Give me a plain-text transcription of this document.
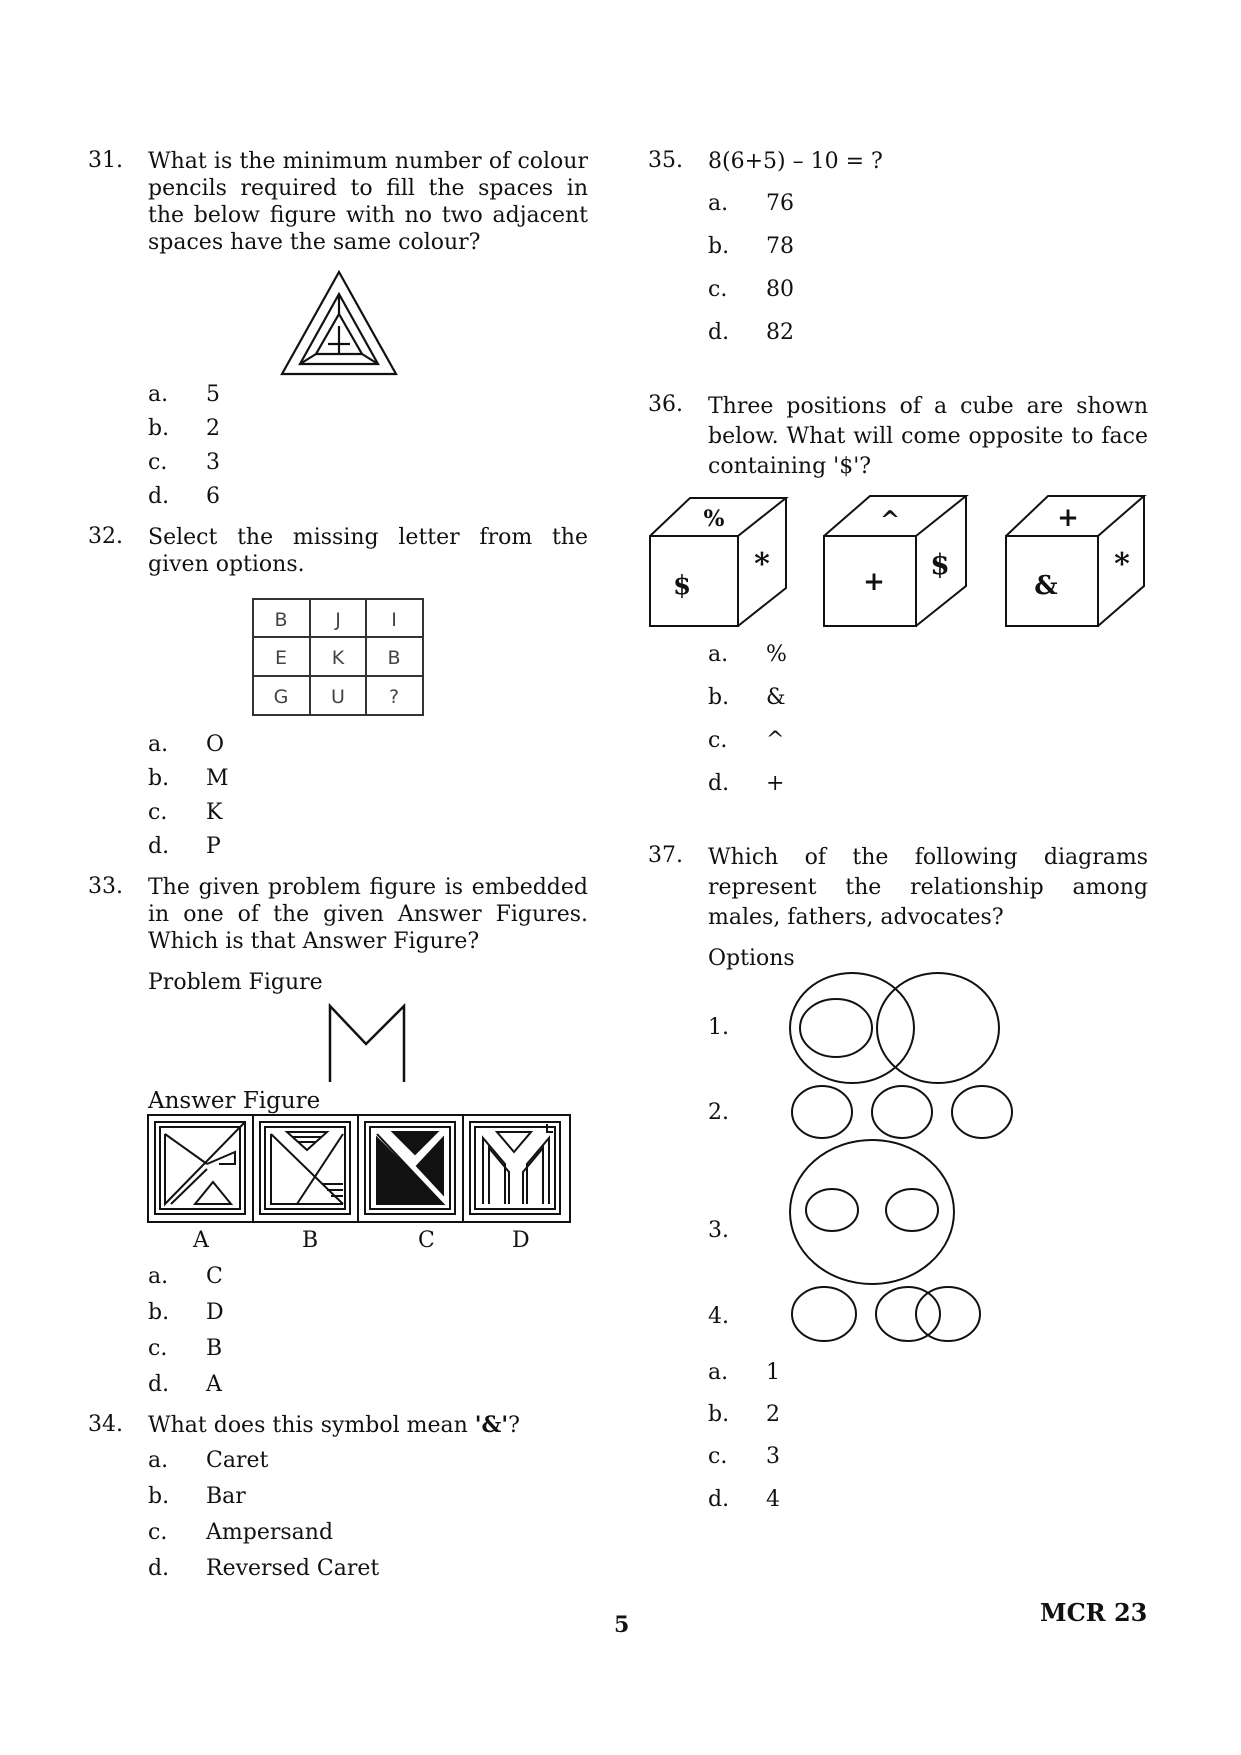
31. What is the minimum number of colour pencils required to fill the spaces in the below figure with no two adjacent spaces have the same colour?
a. 5
b. 2
c. 3
d. 6
32. Select the missing letter from the given options.
B	J	I
E K B
G U ?
a. O
b. M
c. K
d. P
33. The given problem figure is embedded in one of the given Answer Figures. Which is that Answer Figure?
Problem Figure
Answer Figure
A	B	C	D
a. C
b. D
c. B
d. A
34. What does this symbol mean '&'?
a. Caret
b. Bar
c. Ampersand
d. Reversed Caret
35. 8(6+5) – 10 = ?
a. 76
b. 78
c. 80
d. 82
36. Three positions of a cube are shown below. What will come opposite to face containing '$'?
%
$
*
^
+
$
+
&
*
a. %
b. &
c. ^
d. +
37. Which of the following diagrams represent the relationship among males, fathers, advocates?
Options
1.
2.
3.
4.
a. 1
b. 2
c. 3
d. 4
5	MCR 23
